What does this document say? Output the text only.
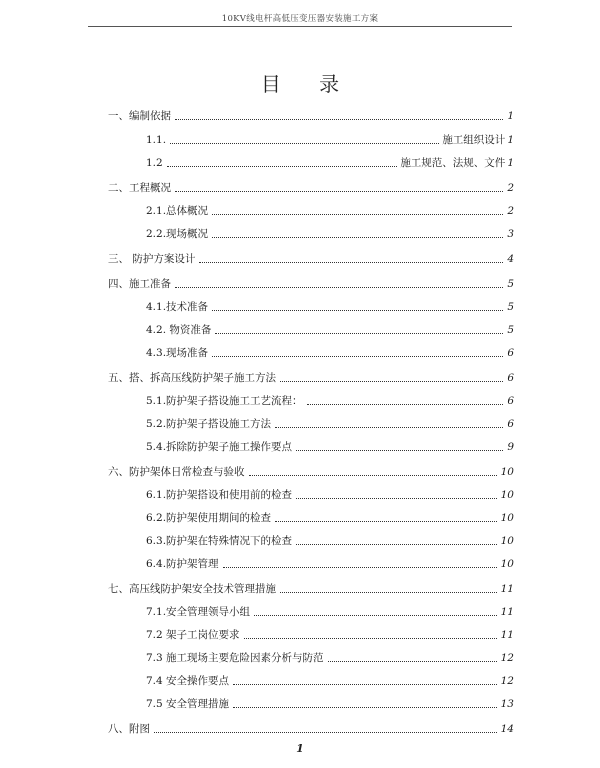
10KV线电杆高低压变压器安装施工方案
目 录
一、编制依据	1
1.1.	施工组织设计 1
1.2	施工规范、法规、文件 1
二、工程概况	2
2.1.总体概况	2
2.2.现场概况	3
三、 防护方案设计	4
四、施工准备	5
4.1.技术准备	5
4.2. 物资准备	5
4.3.现场准备	6
五、搭、拆高压线防护架子施工方法	6
5.1.防护架子搭设施工工艺流程：	6
5.2.防护架子搭设施工方法	6
5.4.拆除防护架子施工操作要点	9
六、防护架体日常检查与验收	10
6.1.防护架搭设和使用前的检查	10
6.2.防护架使用期间的检查	10
6.3.防护架在特殊情况下的检查	10
6.4.防护架管理	10
七、高压线防护架安全技术管理措施	11
7.1.安全管理领导小组	11
7.2 架子工岗位要求	11
7.3 施工现场主要危险因素分析与防范	12
7.4 安全操作要点	12
7.5 安全管理措施	13
八、附图	14
1
